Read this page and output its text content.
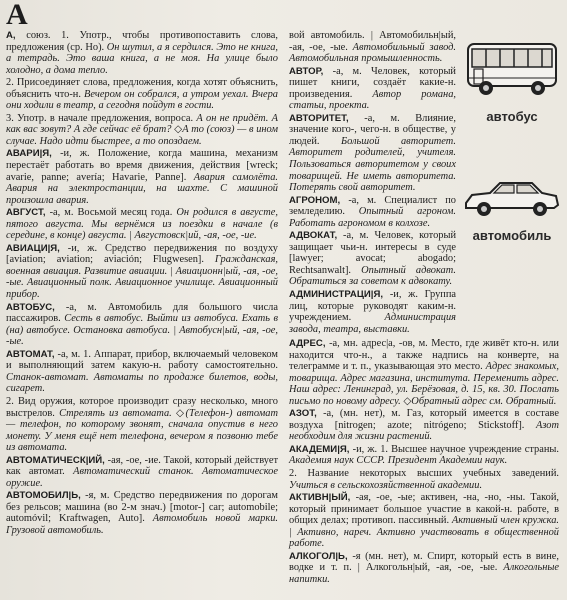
А
А, союз. 1. Употр., чтобы противопоставить слова, предложения (ср. Но). Он шутил, а я сердился. Это не книга, а тетрадь. Это ваша книга, а не моя. На улице было холодно, а дома тепло.
2. Присоединяет слова, предложения, когда хотят объяснить, объяснить что-н. Вечером он собрался, а утром уехал. Вчера они ходили в театр, а сегодня пойдут в гости.
3. Употр. в начале предложения, вопроса. А он не придёт. А как вас зовут? А где сейчас её брат? ◇А то (союз) — в ином случае. Надо идти быстрее, а то опоздаем.
АВАРИ|Я, -и, ж. Положение, когда машина, механизм перестаёт работать во время движения, действия [wreck; avarie, panne; avería; Havarie, Panne]. Авария самолёта. Авария на электростанции, на шахте. С машиной произошла авария.
АВГУСТ, -а, м. Восьмой месяц года. Он родился в августе, пятого августа. Мы вернёмся из поездки в начале (в середине, в конце) августа. | Августовск|ий, -ая, -ое, -ие.
АВИАЦИ|Я, -и, ж. Средство передвижения по воздуху [aviation; aviation; aviación; Flugwesen]. Гражданская, военная авиация. Развитие авиации. | Авиационн|ый, -ая, -ое, -ые. Авиационный полк. Авиационное училище. Авиационный прибор.
АВТОБУС, -а, м. Автомобиль для большого числа пассажиров. Сесть в автобус. Выйти из автобуса. Ехать в (на) автобусе. Остановка автобуса. | Автобусн|ый, -ая, -ое, -ые.
АВТОМАТ, -а, м. 1. Аппарат, прибор, включаемый человеком и выполняющий затем какую-н. работу самостоятельно. Станок-автомат. Автоматы по продаже билетов, воды, сигарет.
2. Вид оружия, которое производит сразу несколько, много выстрелов. Стрелять из автомата. ◇(Телефон-) автомат — телефон, по которому звонят, сначала опустив в него монету. У меня ещё нет телефона, вечером я позвоню тебе из автомата.
АВТОМАТИЧЕСК|ИЙ, -ая, -ое, -ие. Такой, который действует как автомат. Автоматический станок. Автоматическое оружие.
АВТОМОБИЛ|Ь, -я, м. Средство передвижения по дорогам без рельсов; машина (во 2-м знач.) [motor-] car; automobile; automóvil; Kraftwagen, Auto]. Автомобиль новой марки. Грузовой автомобиль.
вой автомобиль. | Автомобильн|ый, -ая, -ое, -ые. Автомобильный завод. Автомобильная промышленность.
АВТОР, -а, м. Человек, который пишет книги, создаёт какие-н. произведения. Автор романа, статьи, проекта.
АВТОРИТЕТ, -а, м. Влияние, значение кого-, чего-н. в обществе, у людей. Большой авторитет. Авторитет родителей, учителя. Пользоваться авторитетом у своих товарищей. Не иметь авторитета. Потерять свой авторитет.
АГРОНОМ, -а, м. Специалист по земледелию. Опытный агроном. Работать агрономом в колхозе.
АДВОКАТ, -а, м. Человек, который защищает чьи-н. интересы в суде [lawyer; avocat; abogado; Rechtsanwalt]. Опытный адвокат. Обратиться за советом к адвокату.
АДМИНИСТРАЦИ|Я, -и, ж. Группа лиц, которые руководят каким-н. учреждением. Администрация завода, театра, выставки.
АДРЕС, -а, мн. адрес|а, -ов, м. Место, где живёт кто-н. или находится что-н., а также надпись на конверте, на телеграмме и т. п., указывающая это место. Адрес знакомых, товарища. Адрес магазина, института. Переменить адрес. Наш адрес: Ленинград, ул. Берёзовая, д. 15, кв. 30. Послать письмо по новому адресу. ◇Обратный адрес см. Обратный.
АЗОТ, -а, (мн. нет), м. Газ, который имеется в составе воздуха [nitrogen; azote; nitrógeno; Stickstoff]. Азот необходим для жизни растений.
АКАДЕМИ|Я, -и, ж. 1. Высшее научное учреждение страны. Академия наук СССР. Президент Академии наук.
2. Название некоторых высших учебных заведений. Учиться в сельскохозяйственной академии.
АКТИВН|ЫЙ, -ая, -ое, -ые; активен, -на, -но, -ны. Такой, который принимает большое участие в какой-н. работе, в общих делах; противоп. пассивный. Активный член кружка. | Активно, нареч. Активно участвовать в общественной работе.
АЛКОГОЛ|Ь, -я (мн. нет), м. Спирт, который есть в вине, водке и т. п. | Алкогольн|ый, -ая, -ое, -ые. Алкогольные напитки.
автобус
автомобиль
